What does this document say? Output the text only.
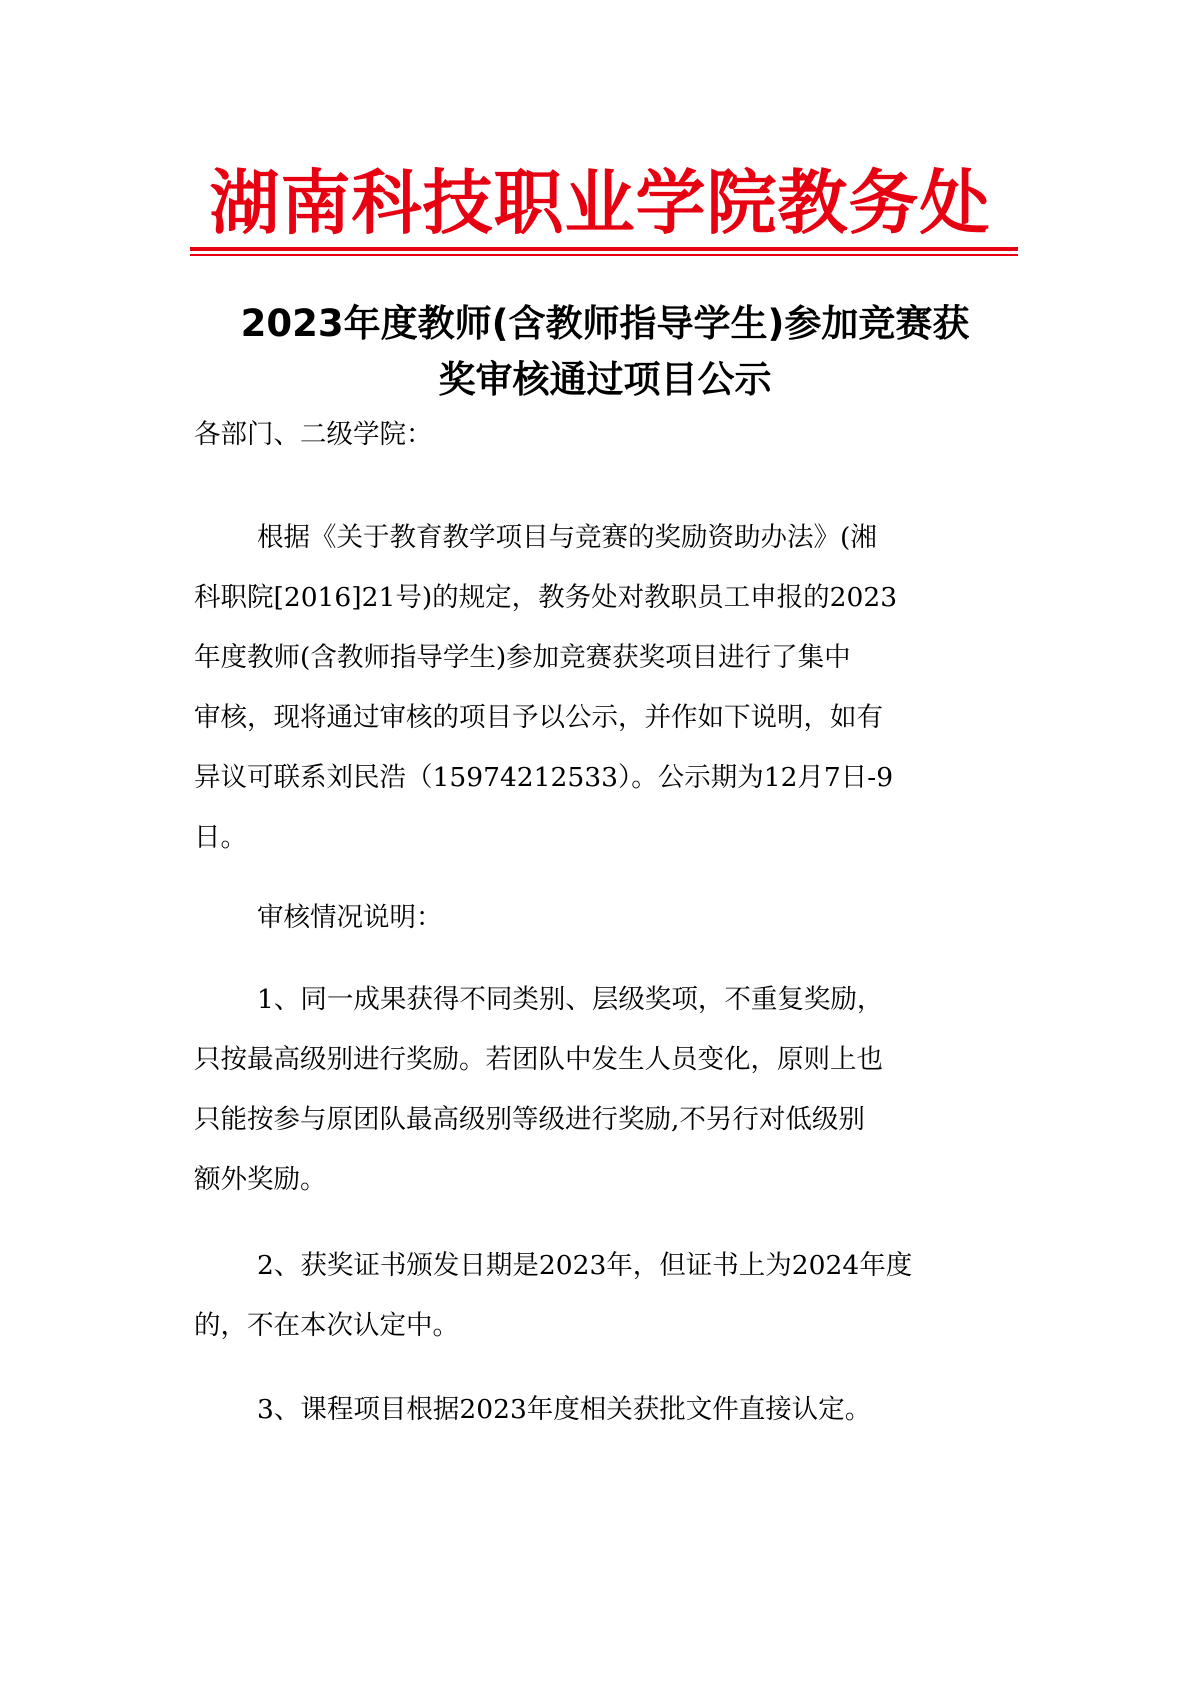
湖南科技职业学院教务处
2023年度教师(含教师指导学生)参加竞赛获
奖审核通过项目公示
各部门、二级学院：
根据《关于教育教学项目与竞赛的奖励资助办法》(湘
科职院[2016]21号)的规定，教务处对教职员工申报的2023
年度教师(含教师指导学生)参加竞赛获奖项目进行了集中
审核，现将通过审核的项目予以公示，并作如下说明，如有
异议可联系刘民浩（15974212533）。公示期为12月7日-9
日。
审核情况说明：
1、同一成果获得不同类别、层级奖项，不重复奖励，
只按最高级别进行奖励。若团队中发生人员变化，原则上也
只能按参与原团队最高级别等级进行奖励,不另行对低级别
额外奖励。
2、获奖证书颁发日期是2023年，但证书上为2024年度
的，不在本次认定中。
3、课程项目根据2023年度相关获批文件直接认定。
